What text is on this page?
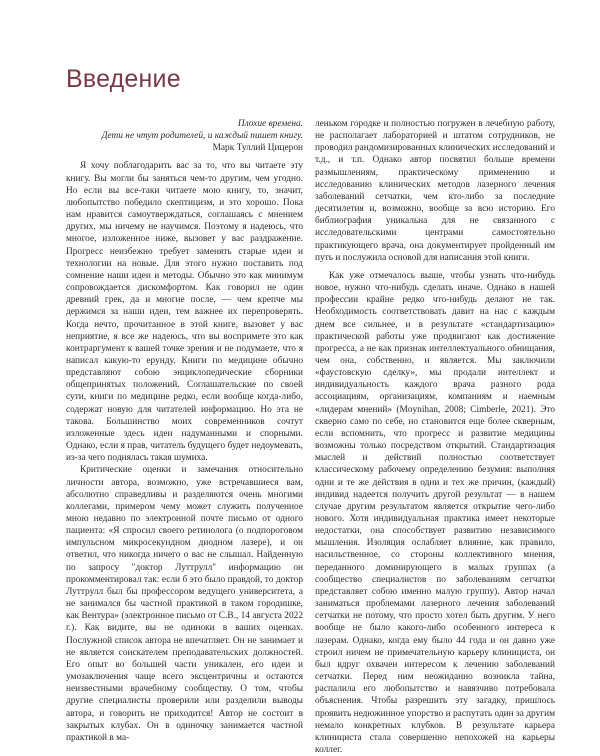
Введение
Плохие времена.
Дети не чтут родителей, и каждый пишет книгу.
Марк Туллий Цицерон

Я хочу поблагодарить вас за то, что вы читаете эту книгу. Вы могли бы заняться чем-то другим, чем угодно. Но если вы все-таки читаете мою книгу, то, значит, любопытство победило скептицизм, и это хорошо. Пока нам нравится самоутверждаться, соглашаясь с мнением других, мы ничему не научимся. Поэтому я надеюсь, что многое, изложенное ниже, вызовет у вас раздражение. Прогресс неизбежно требует заменять старые идеи и технологии на новые. Для этого нужно поставить под сомнение наши идеи и методы. Обычно это как минимум сопровождается дискомфортом. Как говорил не один древний грек, да и многие после, — чем крепче мы держимся за наши идеи, тем важнее их перепроверять. Когда нечто, прочитанное в этой книге, вызовет у вас неприятие, я все же надеюсь, что вы воспримете это как контраргумент к вашей точке зрения и не подумаете, что я написал какую-то ерунду. Книги по медицине обычно представляют собою энциклопедические сборники общепринятых положений. Соглашательские по своей сути, книги по медицине редко, если вообще когда-либо, содержат новую для читателей информацию. Но эта не такова. Большинство моих современников сочтут изложенные здесь идеи надуманными и спорными. Однако, если я прав, читатель будущего будет недоумевать, из-за чего поднялась такая шумиха.

Критические оценки и замечания относительно личности автора, возможно, уже встречавшиеся вам, абсолютно справедливы и разделяются очень многими коллегами, примером чему может служить полученное мною недавно по электронной почте письмо от одного пациента: «Я спросил своего ретинолога (о подпороговом импульсном микросекундном диодном лазере), и он ответил, что никогда ничего о вас не слышал. Найденную по запросу "доктор Луттрулл" информацию он прокомментировал так: если б это было правдой, то доктор Луттрулл был бы профессором ведущего университета, а не занимался бы частной практикой в таком городишке, как Вентура» (электронное письмо от С.В., 14 августа 2022 г.). Как видите, вы не одиноки в ваших оценках. Послужной список автора не впечатляет. Он не занимает и не является соискателем преподавательских должностей. Его опыт во большей части уникален, его идеи и умозаключения чаще всего эксцентричны и остаются неизвестными врачебному сообществу. О том, чтобы другие специалисты проверили или разделили выводы автора, и говорить не приходится! Автор не состоит в закрытых клубах. Он в одиночку занимается частной практикой в ма-

леньком городке и полностью погружен в лечебную работу, не располагает лабораторией и штатом сотрудников, не проводил рандомизированных клинических исследований и т.д., и т.п. Однако автор посвятил больше времени размышлениям, практическому применению и исследованию клинических методов лазерного лечения заболеваний сетчатки, чем кто-либо за последние десятилетия и, возможно, вообще за всю историю. Его библиография уникальна для не связанного с исследовательскими центрами самостоятельно практикующего врача, она документирует пройденный им путь и послужила основой для написания этой книги.

Как уже отмечалось выше, чтобы узнать что-нибудь новое, нужно что-нибудь сделать иначе. Однако в нашей профессии крайне редко что-нибудь делают не так. Необходимость соответствовать давит на нас с каждым днем все сильнее, и в результате «стандартизацию» практической работы уже продвигают как достижение прогресса, а не как признак интеллектуального обнищания, чем она, собственно, и является. Мы заключили «фаустовскую сделку», мы продали интеллект и индивидуальность каждого врача разного рода ассоциациям, организациям, компаниям и наемным «лидерам мнений» (Moynihan, 2008; Cimberle, 2021). Это скверно само по себе, но становится еще более скверным, если вспомнить, что прогресс и развитие медицины возможны только посредством открытий. Стандартизация мыслей и действий полностью соответствует классическому рабочему определению безумия: выполняя одни и те же действия в одни и тех же причин, (каждый) индивид надеется получить другой результат — в нашем случае другим результатом является открытие чего-либо нового. Хотя индивидуальная практика имеет некоторые недостатки, она способствует развитию независимого мышления. Изоляция ослабляет влияние, как правило, насильственное, со стороны коллективного мнения, переданного доминирующего в малых группах (а сообщество специалистов по заболеваниям сетчатки представляет собою именно малую группу). Автор начал заниматься проблемами лазерного лечения заболеваний сетчатки не потому, что просто хотел быть другим. У него вообще не было какого-либо особенного интереса к лазерам. Однако, когда ему было 44 года и он давно уже строил ничем не примечательную карьеру клинициста, он был вдруг охвачен интересом к лечению заболеваний сетчатки. Перед ним неожиданно возникла тайна, распалила его любопытство и навязчиво потребовала объяснения. Чтобы разрешить эту загадку, пришлось проявить недюжинное упорство и распутать один за другим немало конкретных клубков. В результате карьера клинициста стала совершенно непохожей на карьеры коллег.
